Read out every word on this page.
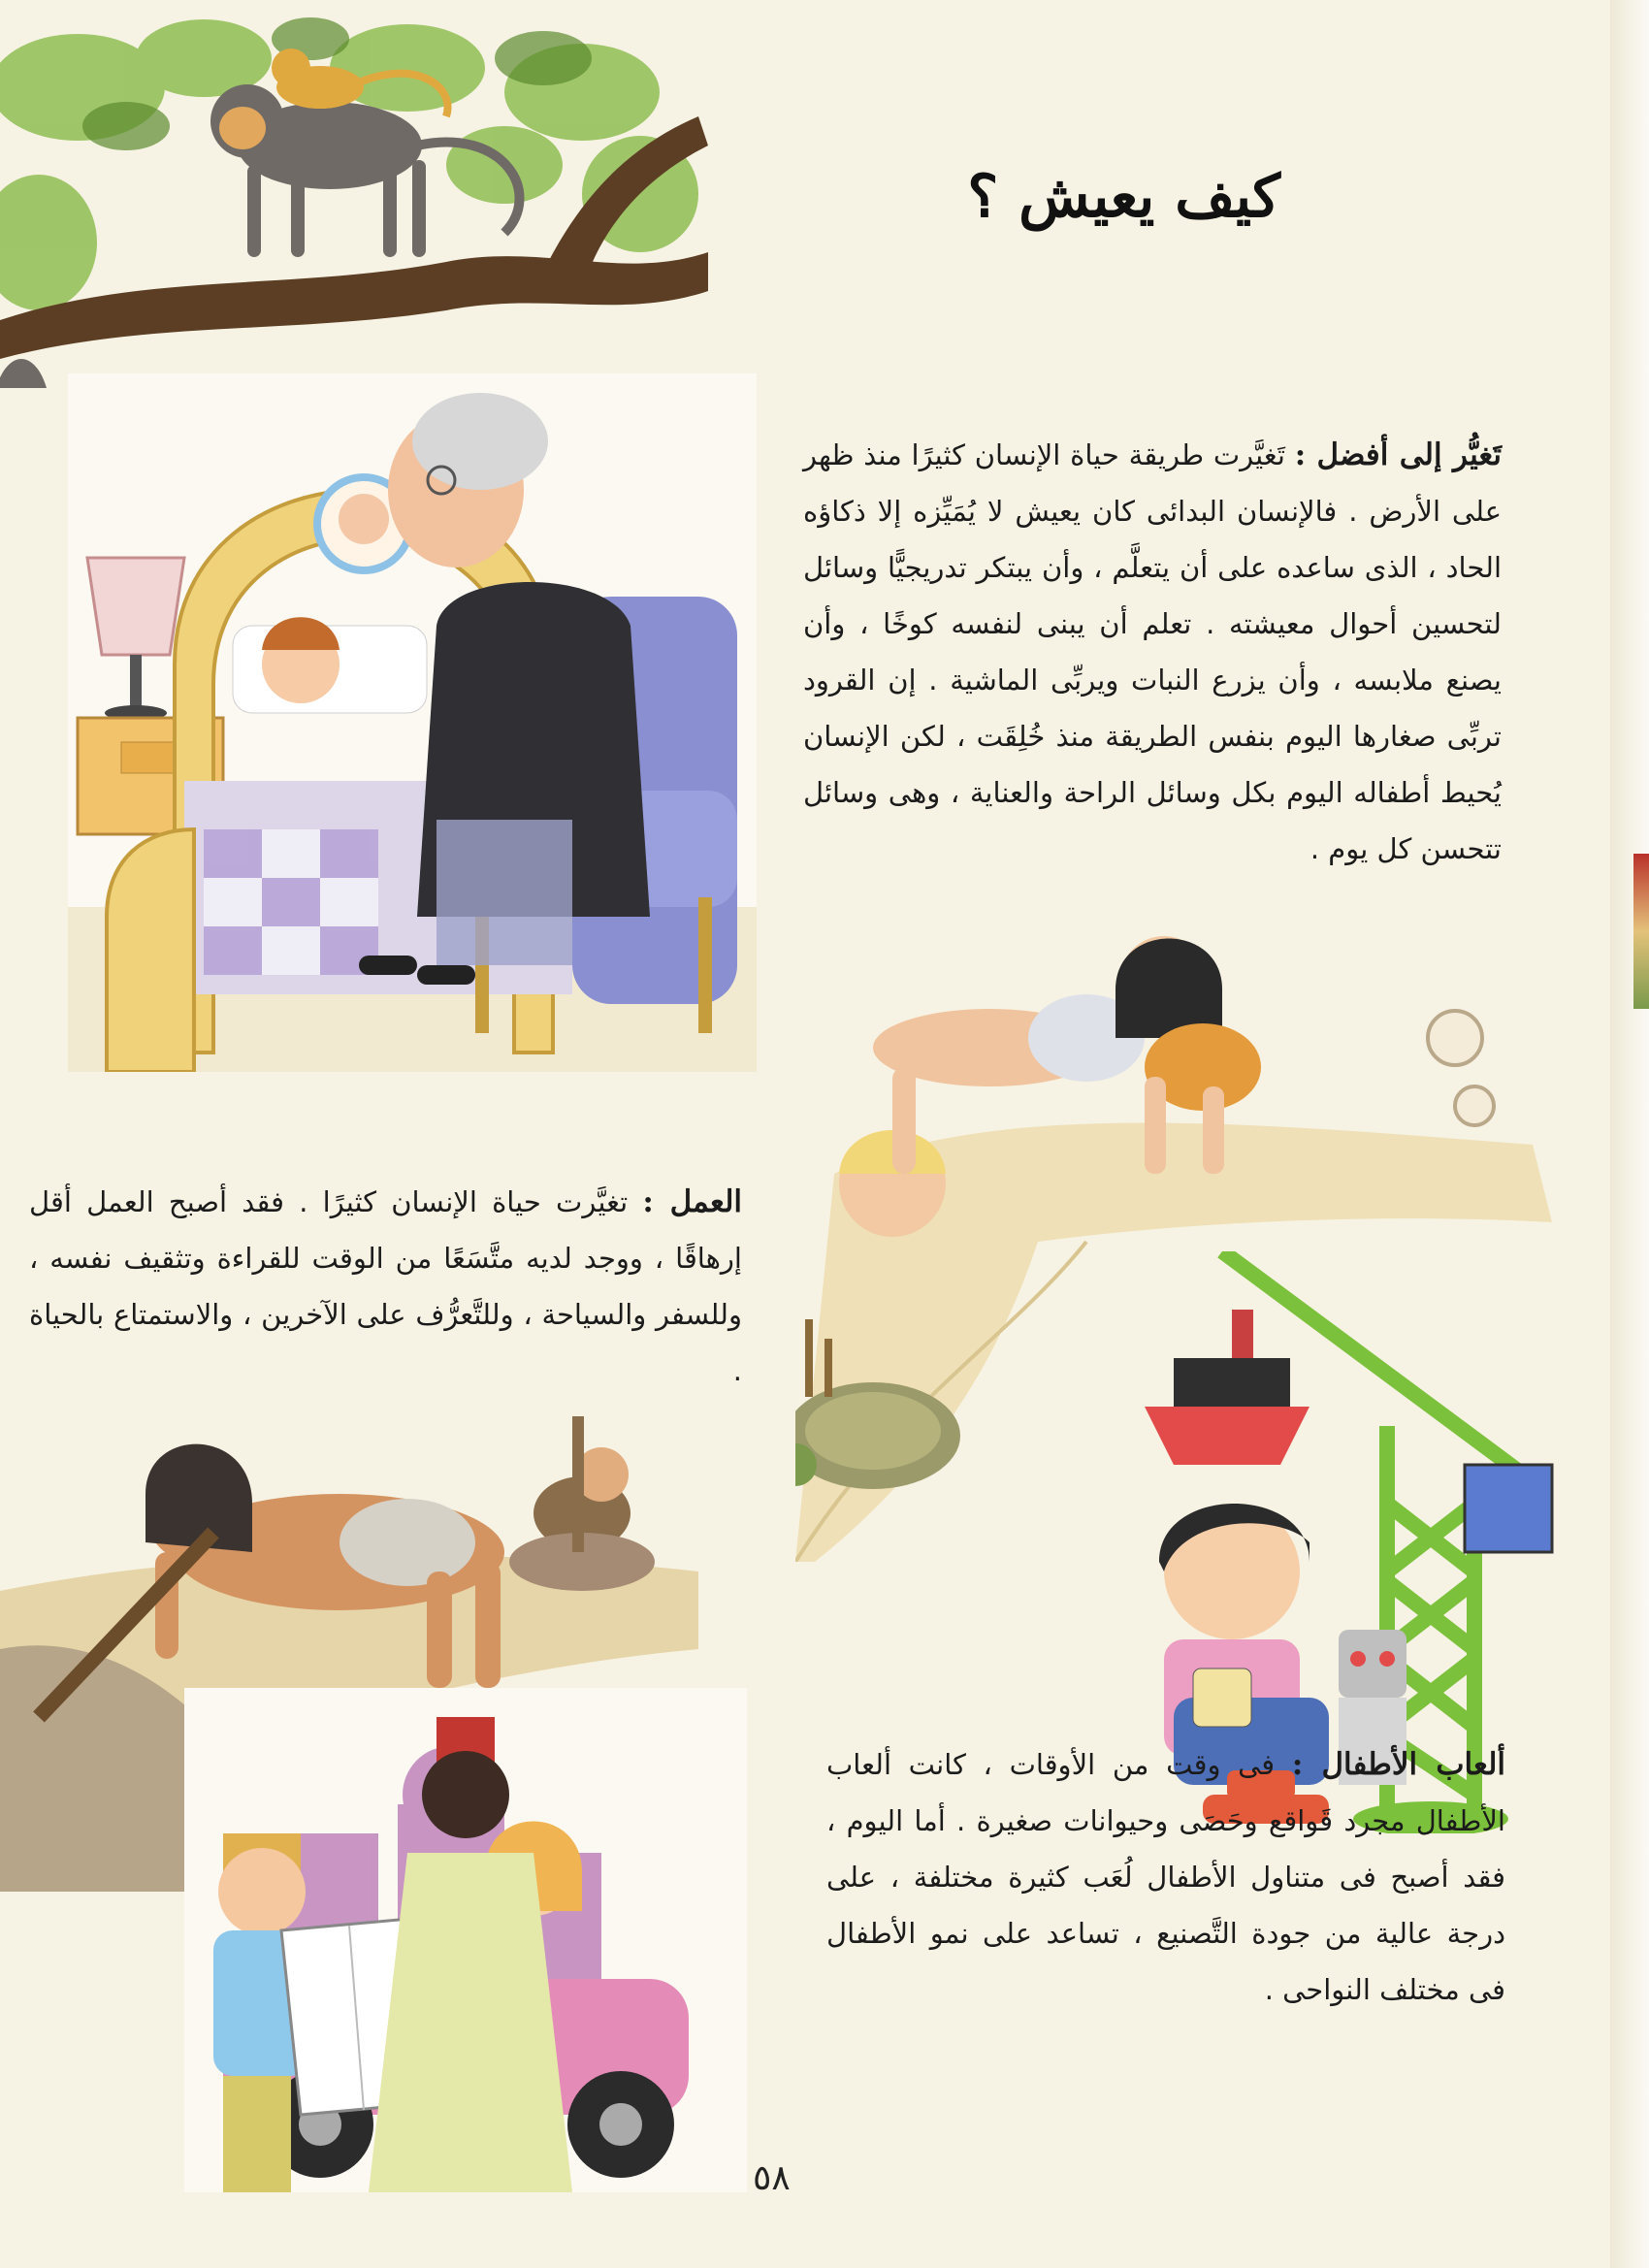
كيف يعيش ؟
تَغيُّر إلى أفضل : تَغيَّرت طريقة حياة الإنسان كثيرًا منذ ظهر على الأرض . فالإنسان البدائى كان يعيش لا يُمَيِّزه إلا ذكاؤه الحاد ، الذى ساعده على أن يتعلَّم ، وأن يبتكر تدريجيًّا وسائل لتحسين أحوال معيشته . تعلم أن يبنى لنفسه كوخًا ، وأن يصنع ملابسه ، وأن يزرع النبات ويربِّى الماشية . إن القرود تربِّى صغارها اليوم بنفس الطريقة منذ خُلِقَت ، لكن الإنسان يُحيط أطفاله اليوم بكل وسائل الراحة والعناية ، وهى وسائل تتحسن كل يوم .
العمل : تغيَّرت حياة الإنسان كثيرًا . فقد أصبح العمل أقل إرهاقًا ، ووجد لديه متَّسَعًا من الوقت للقراءة وتثقيف نفسه ، وللسفر والسياحة ، وللتَّعرُّف على الآخرين ، والاستمتاع بالحياة .
ألعاب الأطفال : فى وقت من الأوقات ، كانت ألعاب الأطفال مجرد قَواقع وحَصَى وحيوانات صغيرة . أما اليوم ، فقد أصبح فى متناول الأطفال لُعَب كثيرة مختلفة ، على درجة عالية من جودة التَّصنيع ، تساعد على نمو الأطفال فى مختلف النواحى .
٥٨
